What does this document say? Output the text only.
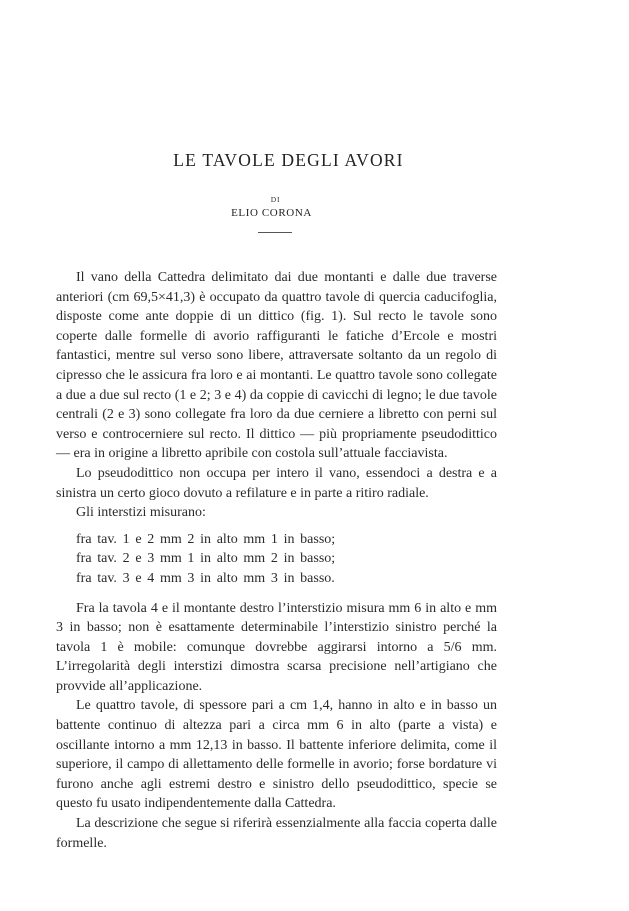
LE TAVOLE DEGLI AVORI
DI
ELIO CORONA

Il vano della Cattedra delimitato dai due montanti e dalle due traverse anteriori (cm 69,5×41,3) è occupato da quattro tavole di quercia caducifoglia, disposte come ante doppie di un dittico (fig. 1). Sul recto le tavole sono coperte dalle formelle di avorio raffiguranti le fatiche d’Ercole e mostri fantastici, mentre sul verso sono libere, attraversate soltanto da un regolo di cipresso che le assicura fra loro e ai montanti. Le quattro tavole sono collegate a due a due sul recto (1 e 2; 3 e 4) da coppie di cavicchi di legno; le due tavole centrali (2 e 3) sono collegate fra loro da due cerniere a libretto con perni sul verso e controcerniere sul recto. Il dittico — più propriamente pseudodittico — era in origine a libretto apribile con costola sull’attuale facciavista.

Lo pseudodittico non occupa per intero il vano, essendoci a destra e a sinistra un certo gioco dovuto a refilature e in parte a ritiro radiale.

Gli interstizi misurano:

fra tav. 1 e 2 mm 2 in alto mm 1 in basso;
fra tav. 2 e 3 mm 1 in alto mm 2 in basso;
fra tav. 3 e 4 mm 3 in alto mm 3 in basso.

Fra la tavola 4 e il montante destro l’interstizio misura mm 6 in alto e mm 3 in basso; non è esattamente determinabile l’interstizio sinistro perché la tavola 1 è mobile: comunque dovrebbe aggirarsi intorno a 5/6 mm. L’irregolarità degli interstizi dimostra scarsa precisione nell’artigiano che provvide all’applicazione.

Le quattro tavole, di spessore pari a cm 1,4, hanno in alto e in basso un battente continuo di altezza pari a circa mm 6 in alto (parte a vista) e oscillante intorno a mm 12,13 in basso. Il battente inferiore delimita, come il superiore, il campo di allettamento delle formelle in avorio; forse bordature vi furono anche agli estremi destro e sinistro dello pseudodittico, specie se questo fu usato indipendentemente dalla Cattedra.

La descrizione che segue si riferirà essenzialmente alla faccia coperta dalle formelle.
